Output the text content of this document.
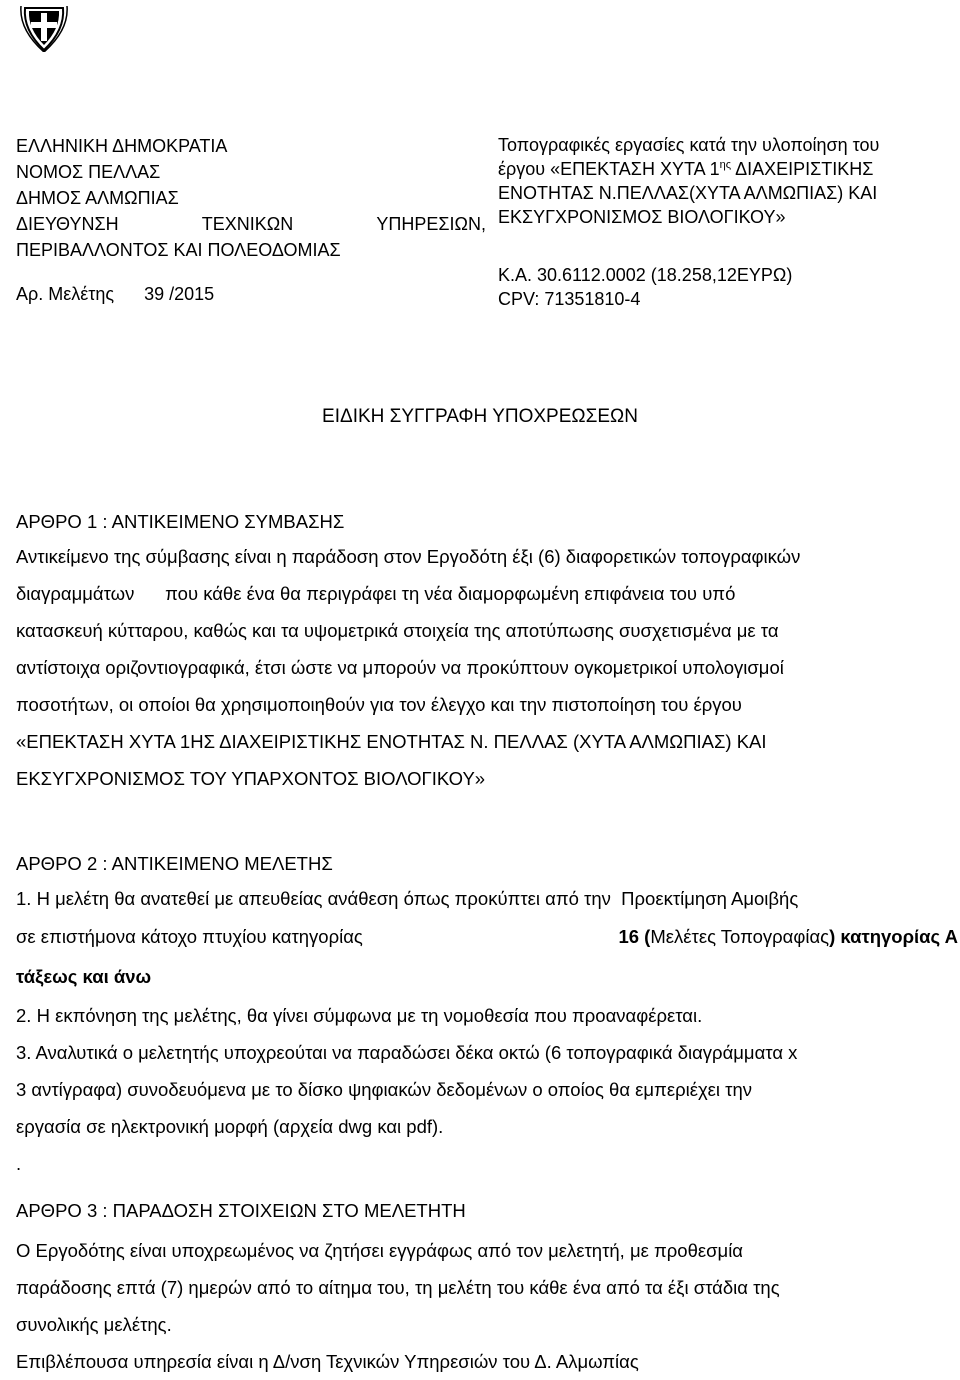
ΕΛΛΗΝΙΚΗ ΔΗΜΟΚΡΑΤΙΑ
ΝΟΜΟΣ ΠΕΛΛΑΣ
ΔΗΜΟΣ ΑΛΜΩΠΙΑΣ
ΔΙΕΥΘΥΝΣΗ	ΤΕΧΝΙΚΩΝ	ΥΠΗΡΕΣΙΩΝ,
ΠΕΡΙΒΑΛΛΟΝΤΟΣ ΚΑΙ ΠΟΛΕΟΔΟΜΙΑΣ
Αρ. Μελέτης 39 /2015
Τοπογραφικές εργασίες κατά την υλοποίηση του
έργου «ΕΠΕΚΤΑΣΗ ΧΥΤΑ $1^{\eta\varsigma}$ ΔΙΑΧΕΙΡΙΣΤΙΚΗΣ
ΕΝΟΤΗΤΑΣ Ν.ΠΕΛΛΑΣ(ΧΥΤΑ ΑΛΜΩΠΙΑΣ) ΚΑΙ
ΕΚΣΥΓΧΡΟΝΙΣΜΟΣ ΒΙΟΛΟΓΙΚΟΥ»
Κ.Α. 30.6112.0002 (18.258,12ΕΥΡΩ)
CPV: 71351810-4
ΕΙΔΙΚΗ ΣΥΓΓΡΑΦΗ ΥΠΟΧΡΕΩΣΕΩΝ
ΑΡΘΡΟ 1 : ΑΝΤΙΚΕΙΜΕΝΟ ΣΥΜΒΑΣΗΣ
Αντικείμενο της σύμβασης είναι η παράδοση στον Εργοδότη έξι (6) διαφορετικών τοπογραφικών
διαγραμμάτων      που κάθε ένα θα περιγράφει τη νέα διαμορφωμένη επιφάνεια του υπό
κατασκευή κύτταρου, καθώς και τα υψομετρικά στοιχεία της αποτύπωσης συσχετισμένα με τα
αντίστοιχα οριζοντιογραφικά, έτσι ώστε να μπορούν να προκύπτουν ογκομετρικοί υπολογισμοί
ποσοτήτων, οι οποίοι θα χρησιμοποιηθούν για τον έλεγχο και την πιστοποίηση του έργου
«ΕΠΕΚΤΑΣΗ ΧΥΤΑ 1ΗΣ ΔΙΑΧΕΙΡΙΣΤΙΚΗΣ ΕΝΟΤΗΤΑΣ Ν. ΠΕΛΛΑΣ (ΧΥΤΑ ΑΛΜΩΠΙΑΣ) ΚΑΙ
ΕΚΣΥΓΧΡΟΝΙΣΜΟΣ ΤΟΥ ΥΠΑΡΧΟΝΤΟΣ ΒΙΟΛΟΓΙΚΟΥ»
ΑΡΘΡΟ 2 : ΑΝΤΙΚΕΙΜΕΝΟ ΜΕΛΕΤΗΣ
1. Η μελέτη θα ανατεθεί με απευθείας ανάθεση όπως προκύπτει από την  Προεκτίμηση Αμοιβής
σε επιστήμονα κάτοχο πτυχίου κατηγορίας	16 (Μελέτες Τοπογραφίας) κατηγορίας Α
τάξεως και άνω
2. Η εκπόνηση της μελέτης, θα γίνει σύμφωνα με τη νομοθεσία που προαναφέρεται.
3. Αναλυτικά ο μελετητής υποχρεούται να παραδώσει δέκα οκτώ (6 τοπογραφικά διαγράμματα x
3 αντίγραφα) συνοδευόμενα με το δίσκο ψηφιακών δεδομένων ο οποίος θα εμπεριέχει την
εργασία σε ηλεκτρονική μορφή (αρχεία dwg και pdf).
.
ΑΡΘΡΟ 3 : ΠΑΡΑΔΟΣΗ ΣΤΟΙΧΕΙΩΝ ΣΤΟ ΜΕΛΕΤΗΤΗ
Ο Εργοδότης είναι υποχρεωμένος να ζητήσει εγγράφως από τον μελετητή, με προθεσμία
παράδοσης επτά (7) ημερών από το αίτημα του, τη μελέτη του κάθε ένα από τα έξι στάδια της
συνολικής μελέτης.
Επιβλέπουσα υπηρεσία είναι η Δ/νση Τεχνικών Υπηρεσιών του Δ. Αλμωπίας
